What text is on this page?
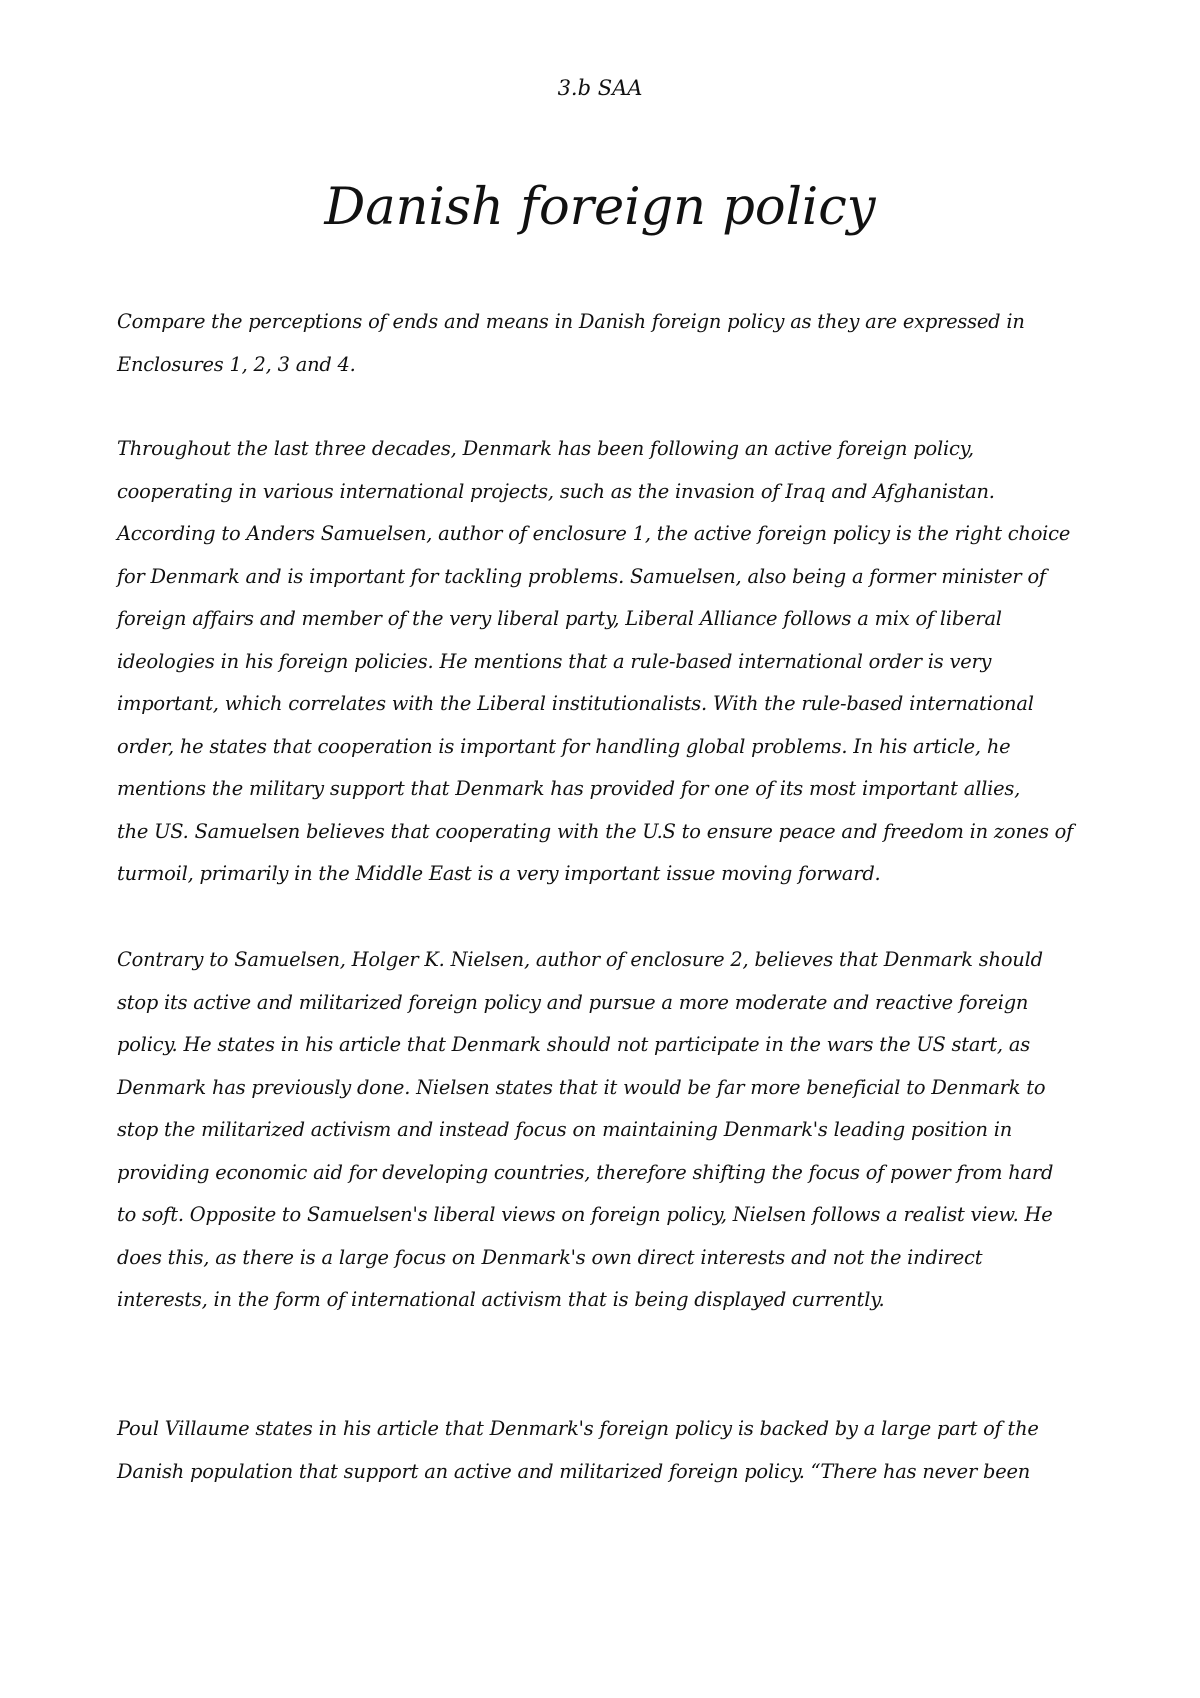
3.b SAA
Danish foreign policy

Compare the perceptions of ends and means in Danish foreign policy as they are expressed in
Enclosures 1, 2, 3 and 4.

Throughout the last three decades, Denmark has been following an active foreign policy,
cooperating in various international projects, such as the invasion of Iraq and Afghanistan.
According to Anders Samuelsen, author of enclosure 1, the active foreign policy is the right choice
for Denmark and is important for tackling problems. Samuelsen, also being a former minister of
foreign affairs and member of the very liberal party, Liberal Alliance follows a mix of liberal
ideologies in his foreign policies. He mentions that a rule-based international order is very
important, which correlates with the Liberal institutionalists. With the rule-based international
order, he states that cooperation is important for handling global problems. In his article, he
mentions the military support that Denmark has provided for one of its most important allies,
the US. Samuelsen believes that cooperating with the U.S to ensure peace and freedom in zones of
turmoil, primarily in the Middle East is a very important issue moving forward.

Contrary to Samuelsen, Holger K. Nielsen, author of enclosure 2, believes that Denmark should
stop its active and militarized foreign policy and pursue a more moderate and reactive foreign
policy. He states in his article that Denmark should not participate in the wars the US start, as
Denmark has previously done. Nielsen states that it would be far more beneficial to Denmark to
stop the militarized activism and instead focus on maintaining Denmark's leading position in
providing economic aid for developing countries, therefore shifting the focus of power from hard
to soft. Opposite to Samuelsen's liberal views on foreign policy, Nielsen follows a realist view. He
does this, as there is a large focus on Denmark's own direct interests and not the indirect
interests, in the form of international activism that is being displayed currently.

Poul Villaume states in his article that Denmark's foreign policy is backed by a large part of the
Danish population that support an active and militarized foreign policy. “There has never been
